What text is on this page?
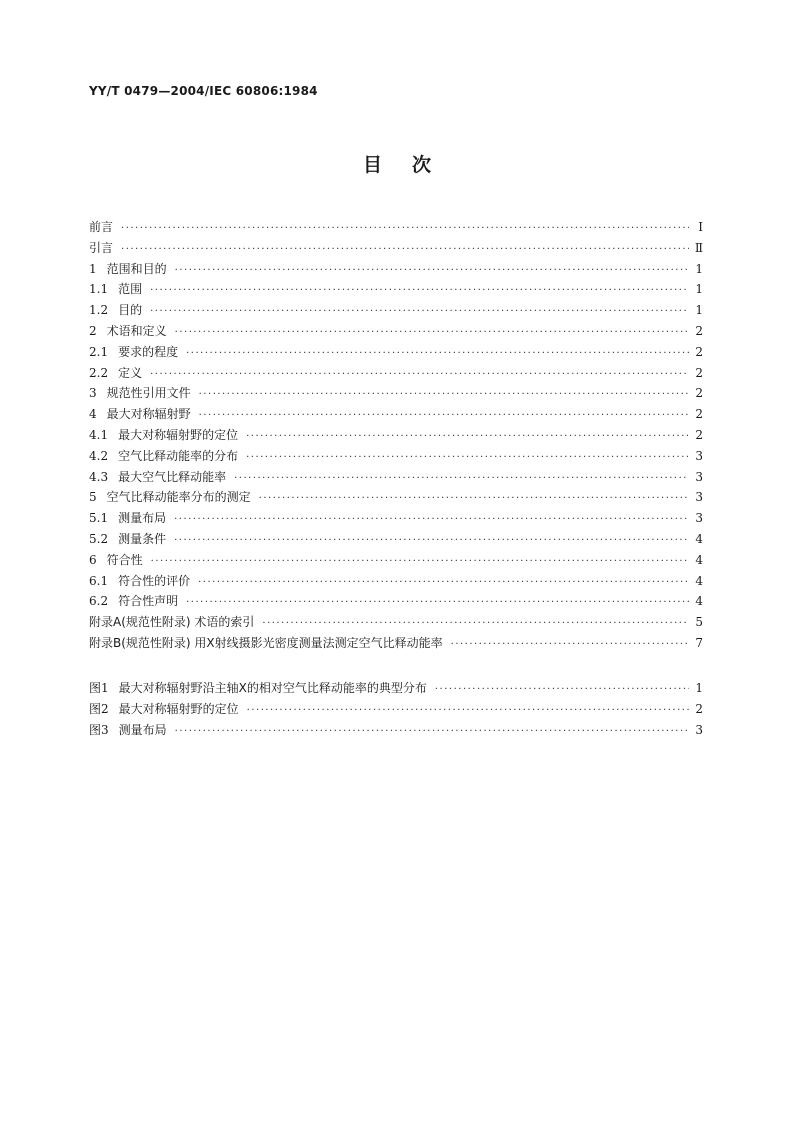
YY/T 0479—2004/IEC 60806:1984
目次
前言 ·····	Ⅰ
引言 ·····	Ⅱ
1 范围和目的 ·····	1
1.1 范围 ·····	1
1.2 目的 ·····	1
2 术语和定义 ·····	2
2.1 要求的程度 ·····	2
2.2 定义 ·····	2
3 规范性引用文件 ·····	2
4 最大对称辐射野 ·····	2
4.1 最大对称辐射野的定位 ·····	2
4.2 空气比释动能率的分布 ·····	3
4.3 最大空气比释动能率 ·····	3
5 空气比释动能率分布的测定 ·····	3
5.1 测量布局 ·····	3
5.2 测量条件 ·····	4
6 符合性 ·····	4
6.1 符合性的评价 ·····	4
6.2 符合性声明 ·····	4
附录A(规范性附录) 术语的索引 ·····	5
附录B(规范性附录) 用X射线摄影光密度测量法测定空气比释动能率 ·····	7
图1 最大对称辐射野沿主轴X的相对空气比释动能率的典型分布 ·····	1
图2 最大对称辐射野的定位 ·····	2
图3 测量布局 ·····	3
